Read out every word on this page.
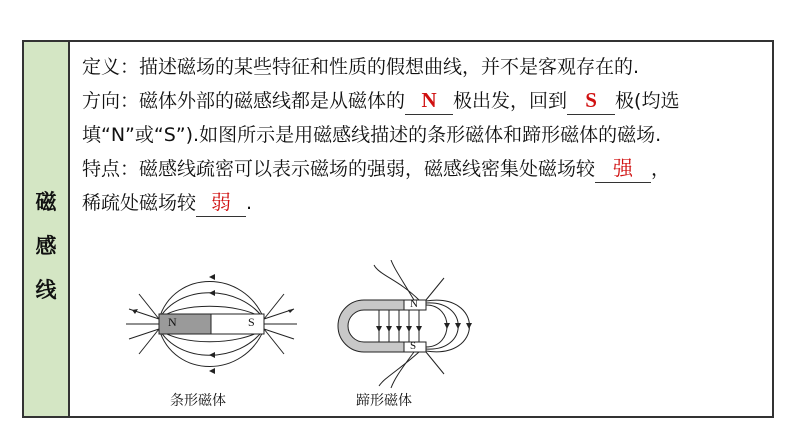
磁
感
线
定义：描述磁场的某些特征和性质的假想曲线，并不是客观存在的.
方向：磁体外部的磁感线都是从磁体的 N 极出发，回到 S 极(均选
填“N”或“S”).如图所示是用磁感线描述的条形磁体和蹄形磁体的磁场.
特点：磁感线疏密可以表示磁场的强弱，磁感线密集处磁场较 强 ，
稀疏处磁场较 弱 .
N	S
条形磁体
N
S
蹄形磁体
